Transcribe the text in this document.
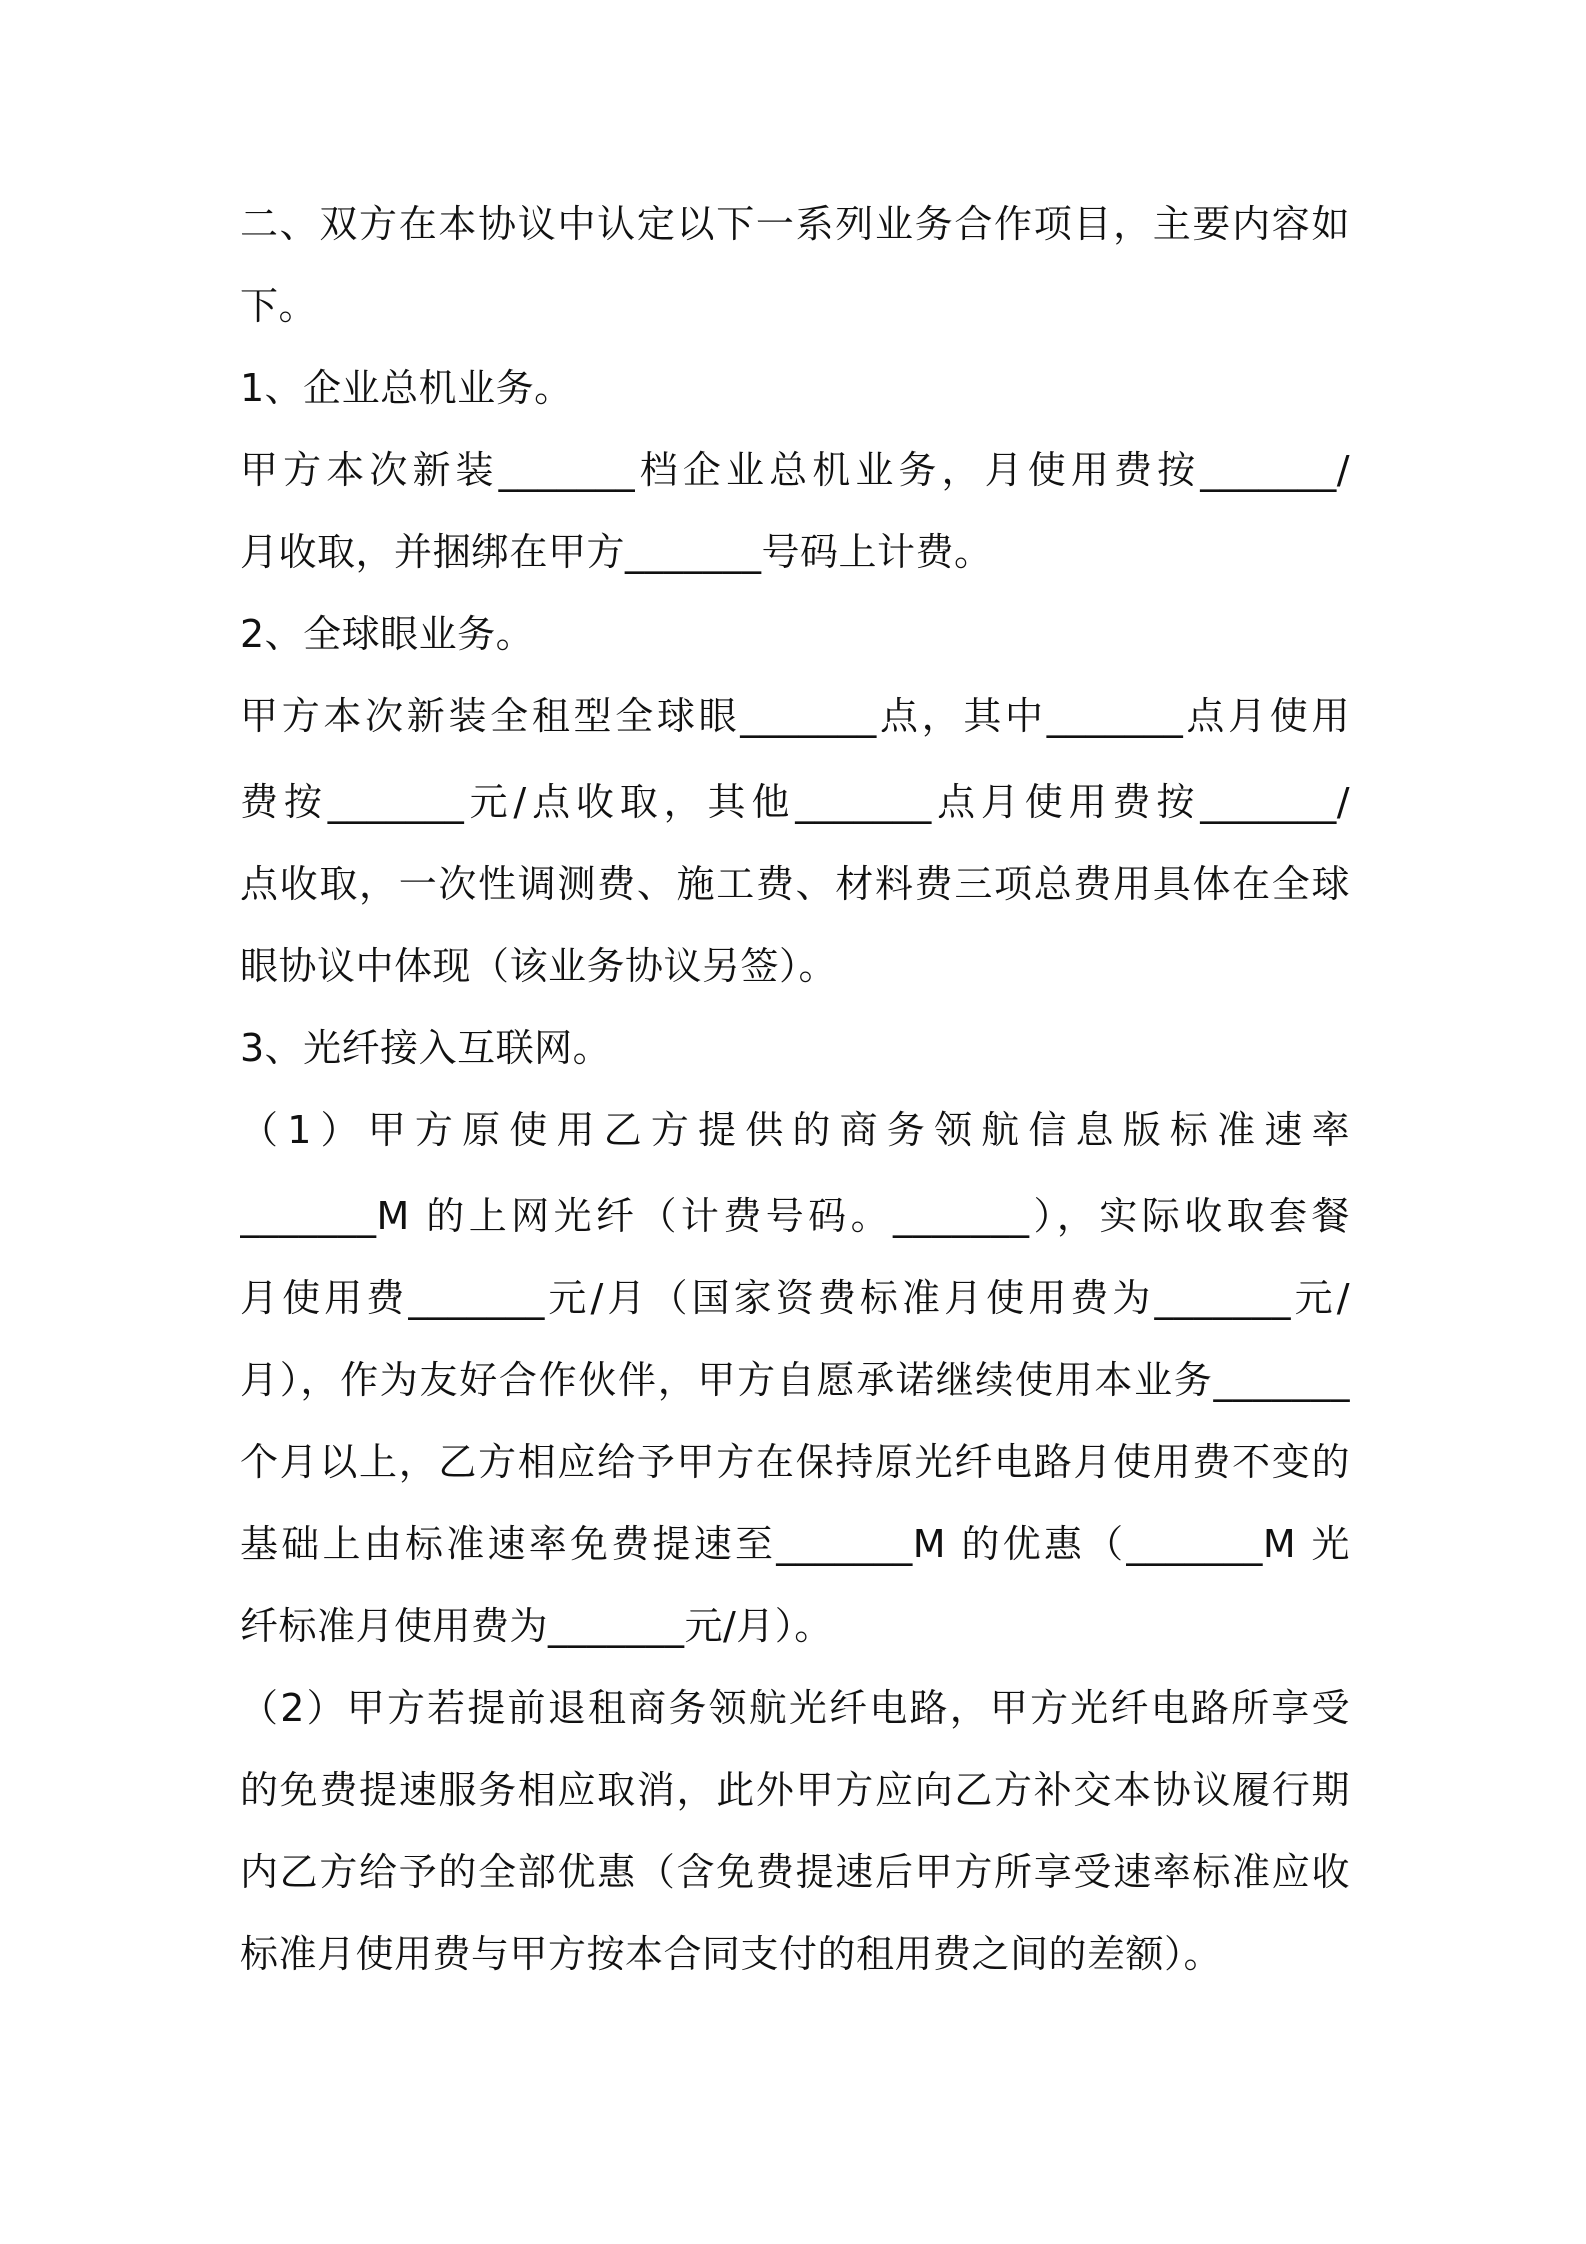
二、双方在本协议中认定以下一系列业务合作项目，主要内容如
下。
1、企业总机业务。
甲方本次新装_______档企业总机业务，月使用费按_______/
月收取，并捆绑在甲方_______号码上计费。
2、全球眼业务。
甲方本次新装全租型全球眼_______点，其中_______点月使用
费按_______元/点收取，其他_______点月使用费按_______/
点收取，一次性调测费、施工费、材料费三项总费用具体在全球
眼协议中体现（该业务协议另签）。
3、光纤接入互联网。
（1）甲方原使用乙方提供的商务领航信息版标准速率
_______M 的上网光纤（计费号码。_______），实际收取套餐
月使用费_______元/月（国家资费标准月使用费为_______元/
月），作为友好合作伙伴，甲方自愿承诺继续使用本业务_______
个月以上，乙方相应给予甲方在保持原光纤电路月使用费不变的
基础上由标准速率免费提速至_______M 的优惠（_______M 光
纤标准月使用费为_______元/月）。
（2）甲方若提前退租商务领航光纤电路，甲方光纤电路所享受
的免费提速服务相应取消，此外甲方应向乙方补交本协议履行期
内乙方给予的全部优惠（含免费提速后甲方所享受速率标准应收
标准月使用费与甲方按本合同支付的租用费之间的差额）。
